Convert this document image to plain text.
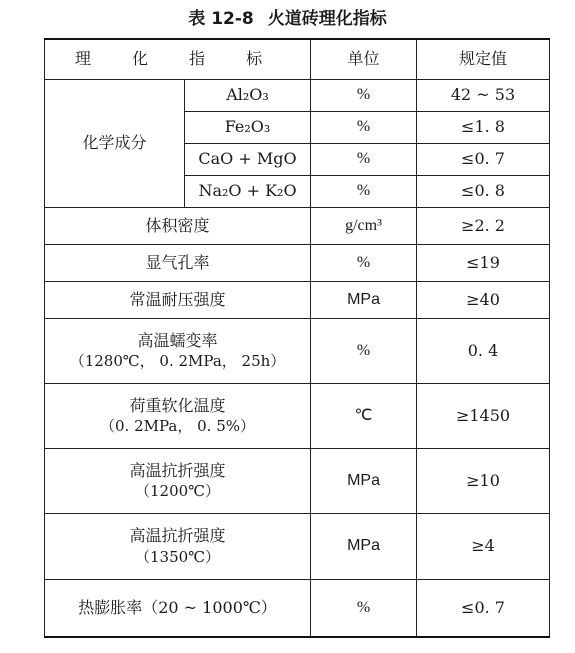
表 12-8 火道砖理化指标
理 化 指 标		单位	规定值
化学成分	Al₂O₃	%	42 ~ 53
	Fe₂O₃	%	≤1. 8
	CaO + MgO	%	≤0. 7
	Na₂O + K₂O	%	≤0. 8
体积密度		g/cm³	≥2. 2
显气孔率		%	≤19
常温耐压强度		MPa	≥40
高温蠕变率
（1280℃， 0. 2MPa， 25h）		%	0. 4
荷重软化温度
（0. 2MPa， 0. 5%）		℃	≥1450
高温抗折强度
（1200℃）		MPa	≥10
高温抗折强度
（1350℃）		MPa	≥4
热膨胀率（20 ~ 1000℃）		%	≤0. 7
